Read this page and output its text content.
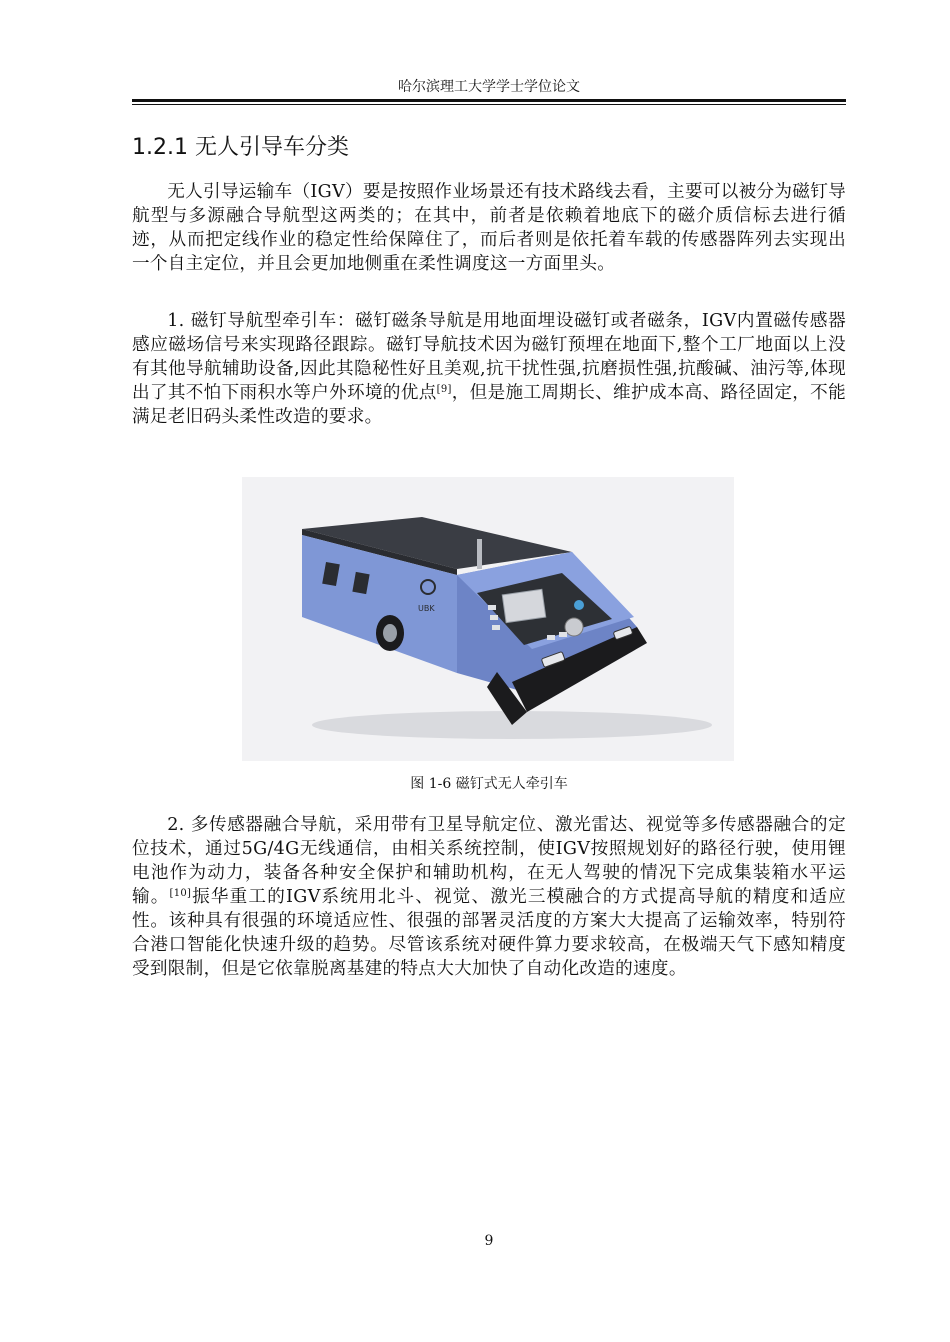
哈尔滨理工大学学士学位论文
1.2.1 无人引导车分类

无人引导运输车（IGV）要是按照作业场景还有技术路线去看，主要可以被分为磁钉导航型与多源融合导航型这两类的；在其中，前者是依赖着地底下的磁介质信标去进行循迹，从而把定线作业的稳定性给保障住了，而后者则是依托着车载的传感器阵列去实现出一个自主定位，并且会更加地侧重在柔性调度这一方面里头。

1. 磁钉导航型牵引车：磁钉磁条导航是用地面埋设磁钉或者磁条，IGV内置磁传感器感应磁场信号来实现路径跟踪。磁钉导航技术因为磁钉预埋在地面下,整个工厂地面以上没有其他导航辅助设备,因此其隐秘性好且美观,抗干扰性强,抗磨损性强,抗酸碱、油污等,体现出了其不怕下雨积水等户外环境的优点[9]，但是施工周期长、维护成本高、路径固定，不能满足老旧码头柔性改造的要求。

UBK
图 1-6 磁钉式无人牵引车

2. 多传感器融合导航，采用带有卫星导航定位、激光雷达、视觉等多传感器融合的定位技术，通过5G/4G无线通信，由相关系统控制，使IGV按照规划好的路径行驶，使用锂电池作为动力，装备各种安全保护和辅助机构，在无人驾驶的情况下完成集装箱水平运输。[10]振华重工的IGV系统用北斗、视觉、激光三模融合的方式提高导航的精度和适应性。该种具有很强的环境适应性、很强的部署灵活度的方案大大提高了运输效率，特别符合港口智能化快速升级的趋势。尽管该系统对硬件算力要求较高，在极端天气下感知精度受到限制，但是它依靠脱离基建的特点大大加快了自动化改造的速度。

9
